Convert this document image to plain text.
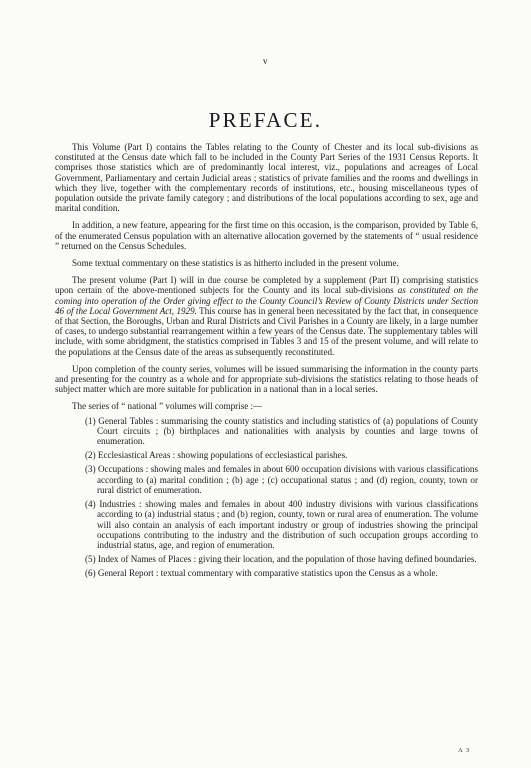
v
PREFACE.

This Volume (Part I) contains the Tables relating to the County of Chester and its local sub-divisions as constituted at the Census date which fall to be included in the County Part Series of the 1931 Census Reports. It comprises those statistics which are of predominantly local interest, viz., populations and acreages of Local Government, Parliamentary and certain Judicial areas ; statistics of private families and the rooms and dwellings in which they live, together with the complementary records of institutions, etc., housing miscellaneous types of population outside the private family category ; and distributions of the local populations according to sex, age and marital condition.

In addition, a new feature, appearing for the first time on this occasion, is the comparison, provided by Table 6, of the enumerated Census population with an alternative allocation governed by the statements of “ usual residence ” returned on the Census Schedules.

Some textual commentary on these statistics is as hitherto included in the present volume.

The present volume (Part I) will in due course be completed by a supplement (Part II) comprising statistics upon certain of the above-mentioned subjects for the County and its local sub-divisions as constituted on the coming into operation of the Order giving effect to the County Council’s Review of County Districts under Section 46 of the Local Government Act, 1929. This course has in general been necessitated by the fact that, in consequence of that Section, the Boroughs, Urban and Rural Districts and Civil Parishes in a County are likely, in a large number of cases, to undergo substantial rearrangement within a few years of the Census date. The supplementary tables will include, with some abridgment, the statistics comprised in Tables 3 and 15 of the present volume, and will relate to the populations at the Census date of the areas as subsequently reconstituted.

Upon completion of the county series, volumes will be issued summarising the information in the county parts and presenting for the country as a whole and for appropriate sub-divisions the statistics relating to those heads of subject matter which are more suitable for publication in a national than in a local series.

The series of “ national ” volumes will comprise :—

(1) General Tables : summarising the county statistics and including statistics of (a) populations of County Court circuits ; (b) birthplaces and nationalities with analysis by counties and large towns of enumeration.
(2) Ecclesiastical Areas : showing populations of ecclesiastical parishes.
(3) Occupations : showing males and females in about 600 occupation divisions with various classifications according to (a) marital condition ; (b) age ; (c) occupational status ; and (d) region, county, town or rural district of enumeration.
(4) Industries : showing males and females in about 400 industry divisions with various classifications according to (a) industrial status ; and (b) region, county, town or rural area of enumeration. The volume will also contain an analysis of each important industry or group of industries showing the principal occupations contributing to the industry and the distribution of such occupation groups according to industrial status, age, and region of enumeration.
(5) Index of Names of Places : giving their location, and the population of those having defined boundaries.
(6) General Report : textual commentary with comparative statistics upon the Census as a whole.
A 3
